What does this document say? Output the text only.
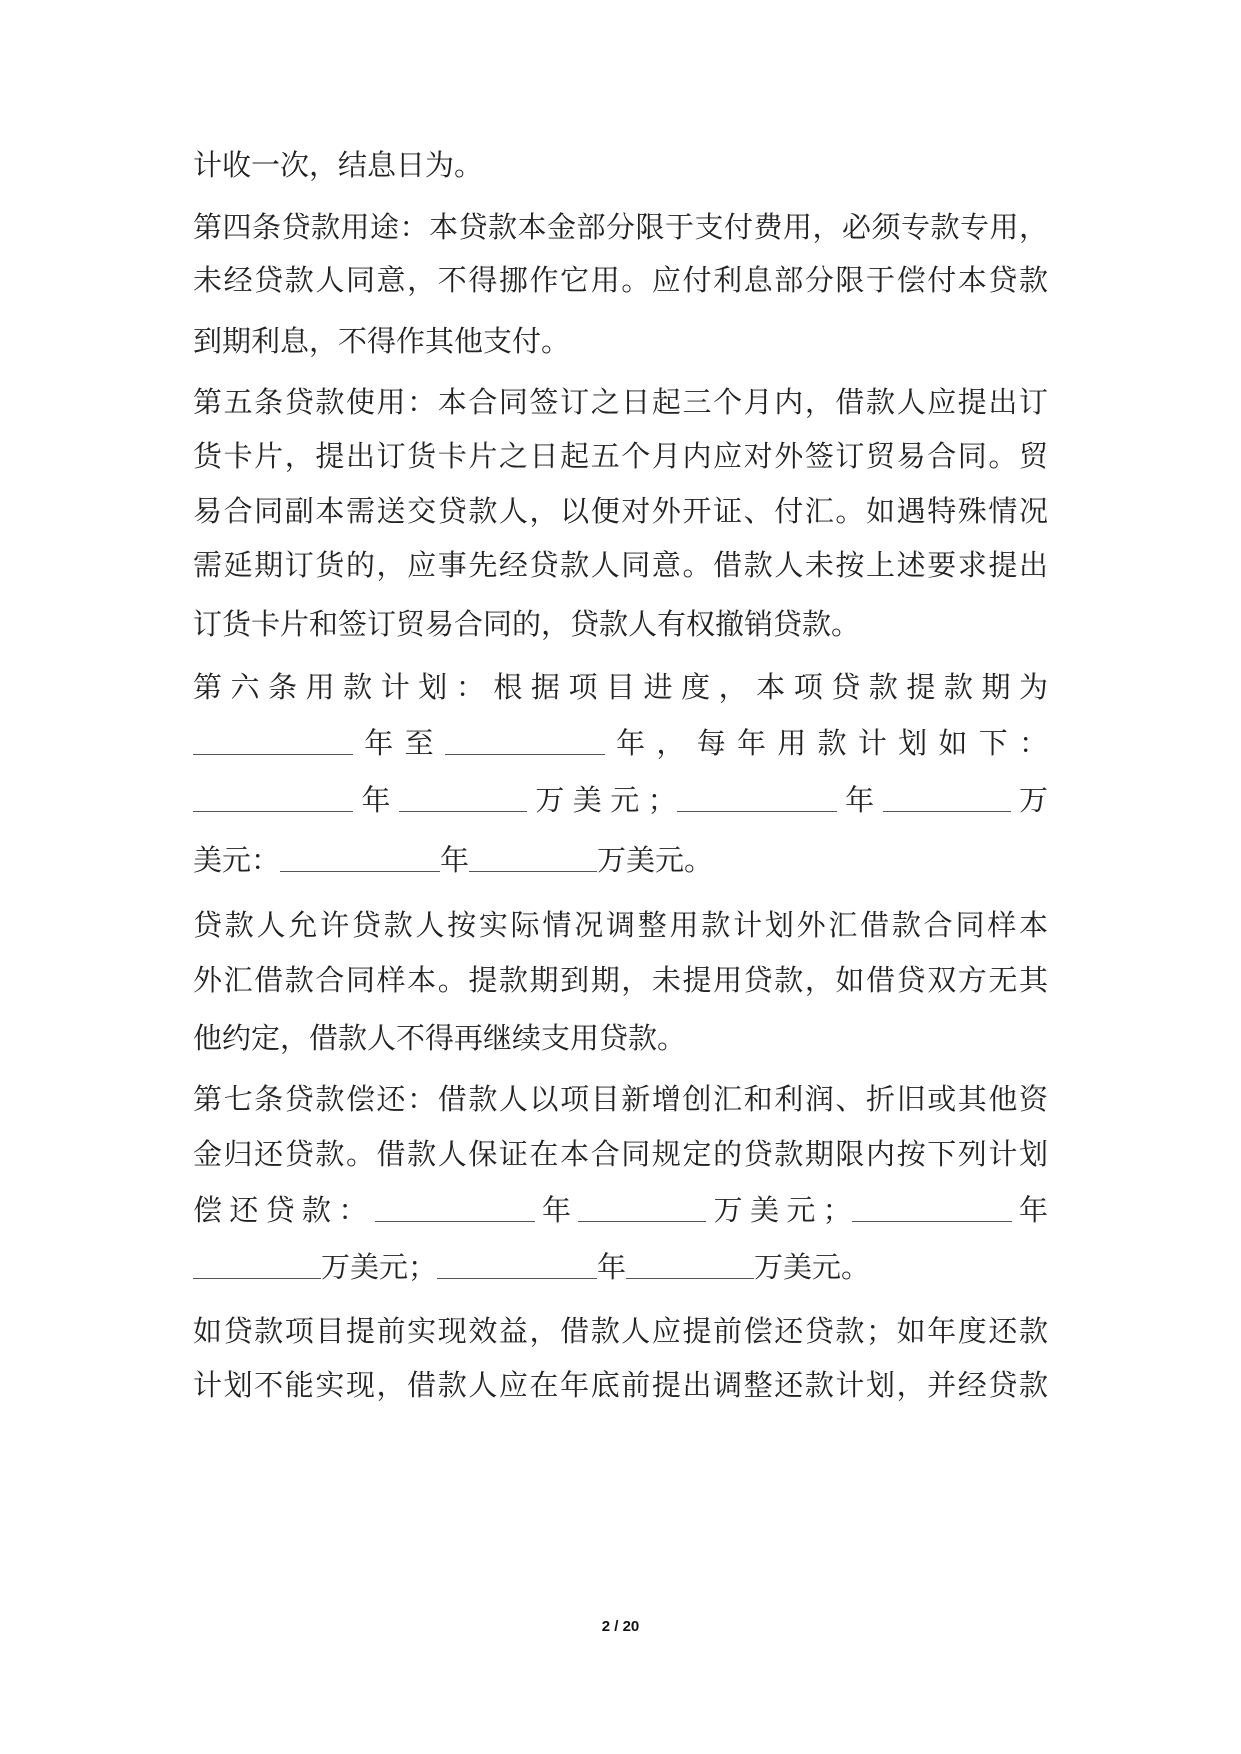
计收一次，结息日为。
第四条贷款用途：本贷款本金部分限于支付费用，必须专款专用，
未经贷款人同意，不得挪作它用。应付利息部分限于偿付本贷款
到期利息，不得作其他支付。
第五条贷款使用：本合同签订之日起三个月内，借款人应提出订
货卡片，提出订货卡片之日起五个月内应对外签订贸易合同。贸
易合同副本需送交贷款人，以便对外开证、付汇。如遇特殊情况
需延期订货的，应事先经贷款人同意。借款人未按上述要求提出
订货卡片和签订贸易合同的，贷款人有权撤销贷款。
第六条用款计划：根据项目进度，本项贷款提款期为
年至	年，每年用款计划如下：
年	万美元；	年	万
美元：	年	万美元。
贷款人允许贷款人按实际情况调整用款计划外汇借款合同样本
外汇借款合同样本。提款期到期，未提用贷款，如借贷双方无其
他约定，借款人不得再继续支用贷款。
第七条贷款偿还：借款人以项目新增创汇和利润、折旧或其他资
金归还贷款。借款人保证在本合同规定的贷款期限内按下列计划
偿还贷款：	年	万美元；	年
万美元；	年	万美元。
如贷款项目提前实现效益，借款人应提前偿还贷款；如年度还款
计划不能实现，借款人应在年底前提出调整还款计划，并经贷款
2 / 20
